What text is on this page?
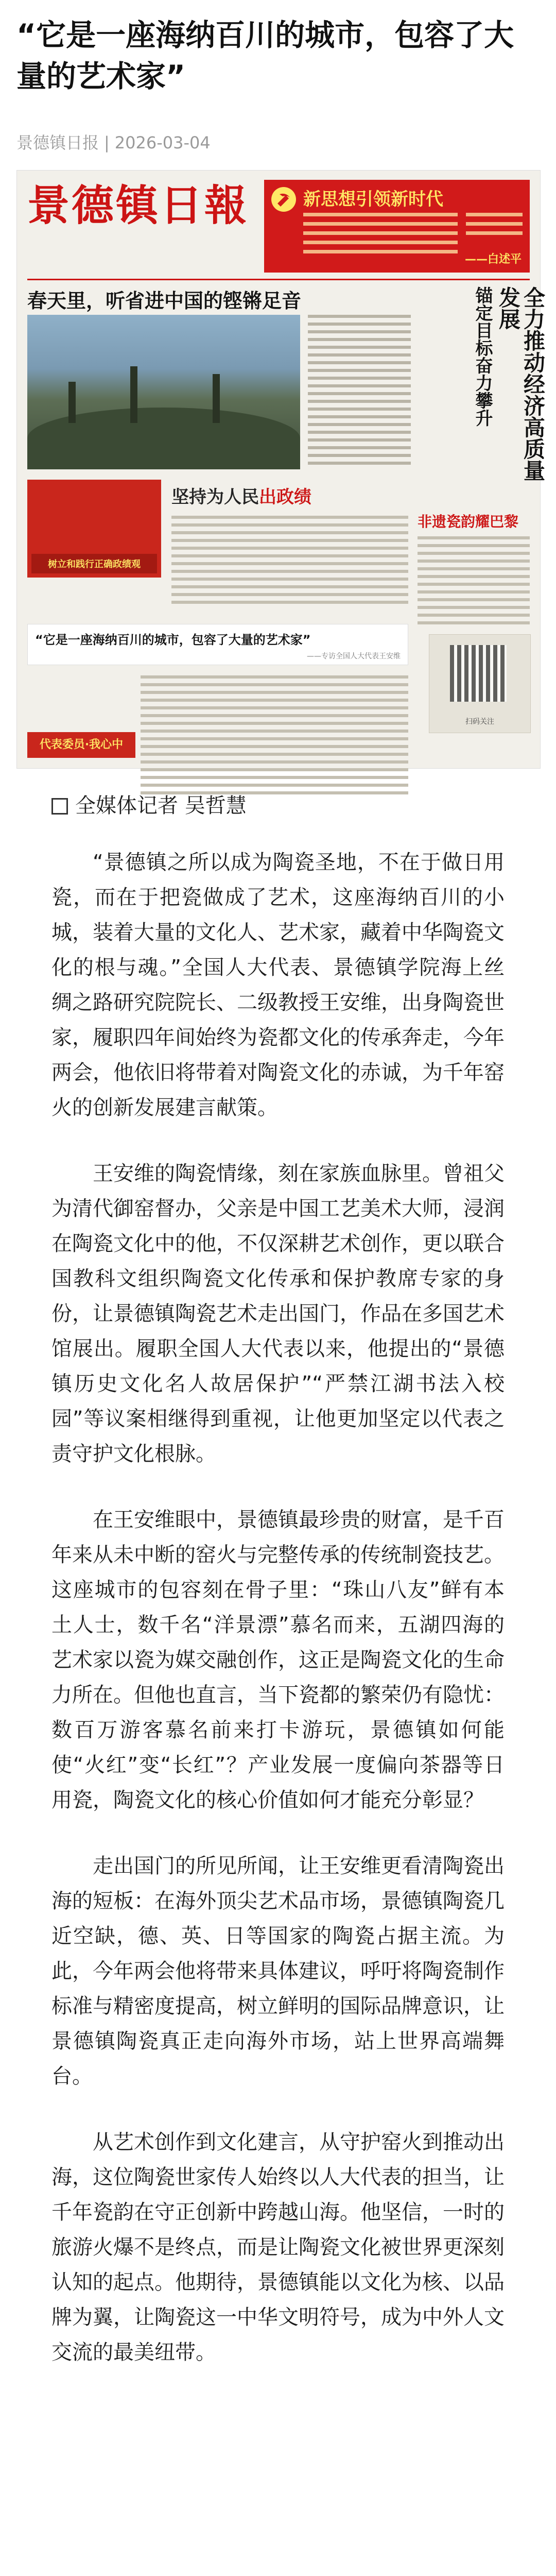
“它是一座海纳百川的城市，包容了大量的艺术家”
景德镇日报 | 2026-03-04
景德镇日報	新思想引领新时代
——白述平
春天里，听省进中国的铿锵足音	全力推动经济高质量发展
锚定目标奋力攀升
非遗瓷韵耀巴黎
树立和践行正确政绩观
坚持为人民出政绩
“它是一座海纳百川的城市，包容了大量的艺术家”
——专访全国人大代表王安维
代表委员·我心中
扫码关注
全媒体记者 吴哲慧

“景德镇之所以成为陶瓷圣地，不在于做日用瓷，而在于把瓷做成了艺术，这座海纳百川的小城，装着大量的文化人、艺术家，藏着中华陶瓷文化的根与魂。”全国人大代表、景德镇学院海上丝绸之路研究院院长、二级教授王安维，出身陶瓷世家，履职四年间始终为瓷都文化的传承奔走，今年两会，他依旧将带着对陶瓷文化的赤诚，为千年窑火的创新发展建言献策。

王安维的陶瓷情缘，刻在家族血脉里。曾祖父为清代御窑督办，父亲是中国工艺美术大师，浸润在陶瓷文化中的他，不仅深耕艺术创作，更以联合国教科文组织陶瓷文化传承和保护教席专家的身份，让景德镇陶瓷艺术走出国门，作品在多国艺术馆展出。履职全国人大代表以来，他提出的“景德镇历史文化名人故居保护”“严禁江湖书法入校园”等议案相继得到重视，让他更加坚定以代表之责守护文化根脉。

在王安维眼中，景德镇最珍贵的财富，是千百年来从未中断的窑火与完整传承的传统制瓷技艺。这座城市的包容刻在骨子里：“珠山八友”鲜有本土人士，数千名“洋景漂”慕名而来，五湖四海的艺术家以瓷为媒交融创作，这正是陶瓷文化的生命力所在。但他也直言，当下瓷都的繁荣仍有隐忧：数百万游客慕名前来打卡游玩，景德镇如何能使“火红”变“长红”？产业发展一度偏向茶器等日用瓷，陶瓷文化的核心价值如何才能充分彰显？

走出国门的所见所闻，让王安维更看清陶瓷出海的短板：在海外顶尖艺术品市场，景德镇陶瓷几近空缺，德、英、日等国家的陶瓷占据主流。为此，今年两会他将带来具体建议，呼吁将陶瓷制作标准与精密度提高，树立鲜明的国际品牌意识，让景德镇陶瓷真正走向海外市场，站上世界高端舞台。

从艺术创作到文化建言，从守护窑火到推动出海，这位陶瓷世家传人始终以人大代表的担当，让千年瓷韵在守正创新中跨越山海。他坚信，一时的旅游火爆不是终点，而是让陶瓷文化被世界更深刻认知的起点。他期待，景德镇能以文化为核、以品牌为翼，让陶瓷这一中华文明符号，成为中外人文交流的最美纽带。
